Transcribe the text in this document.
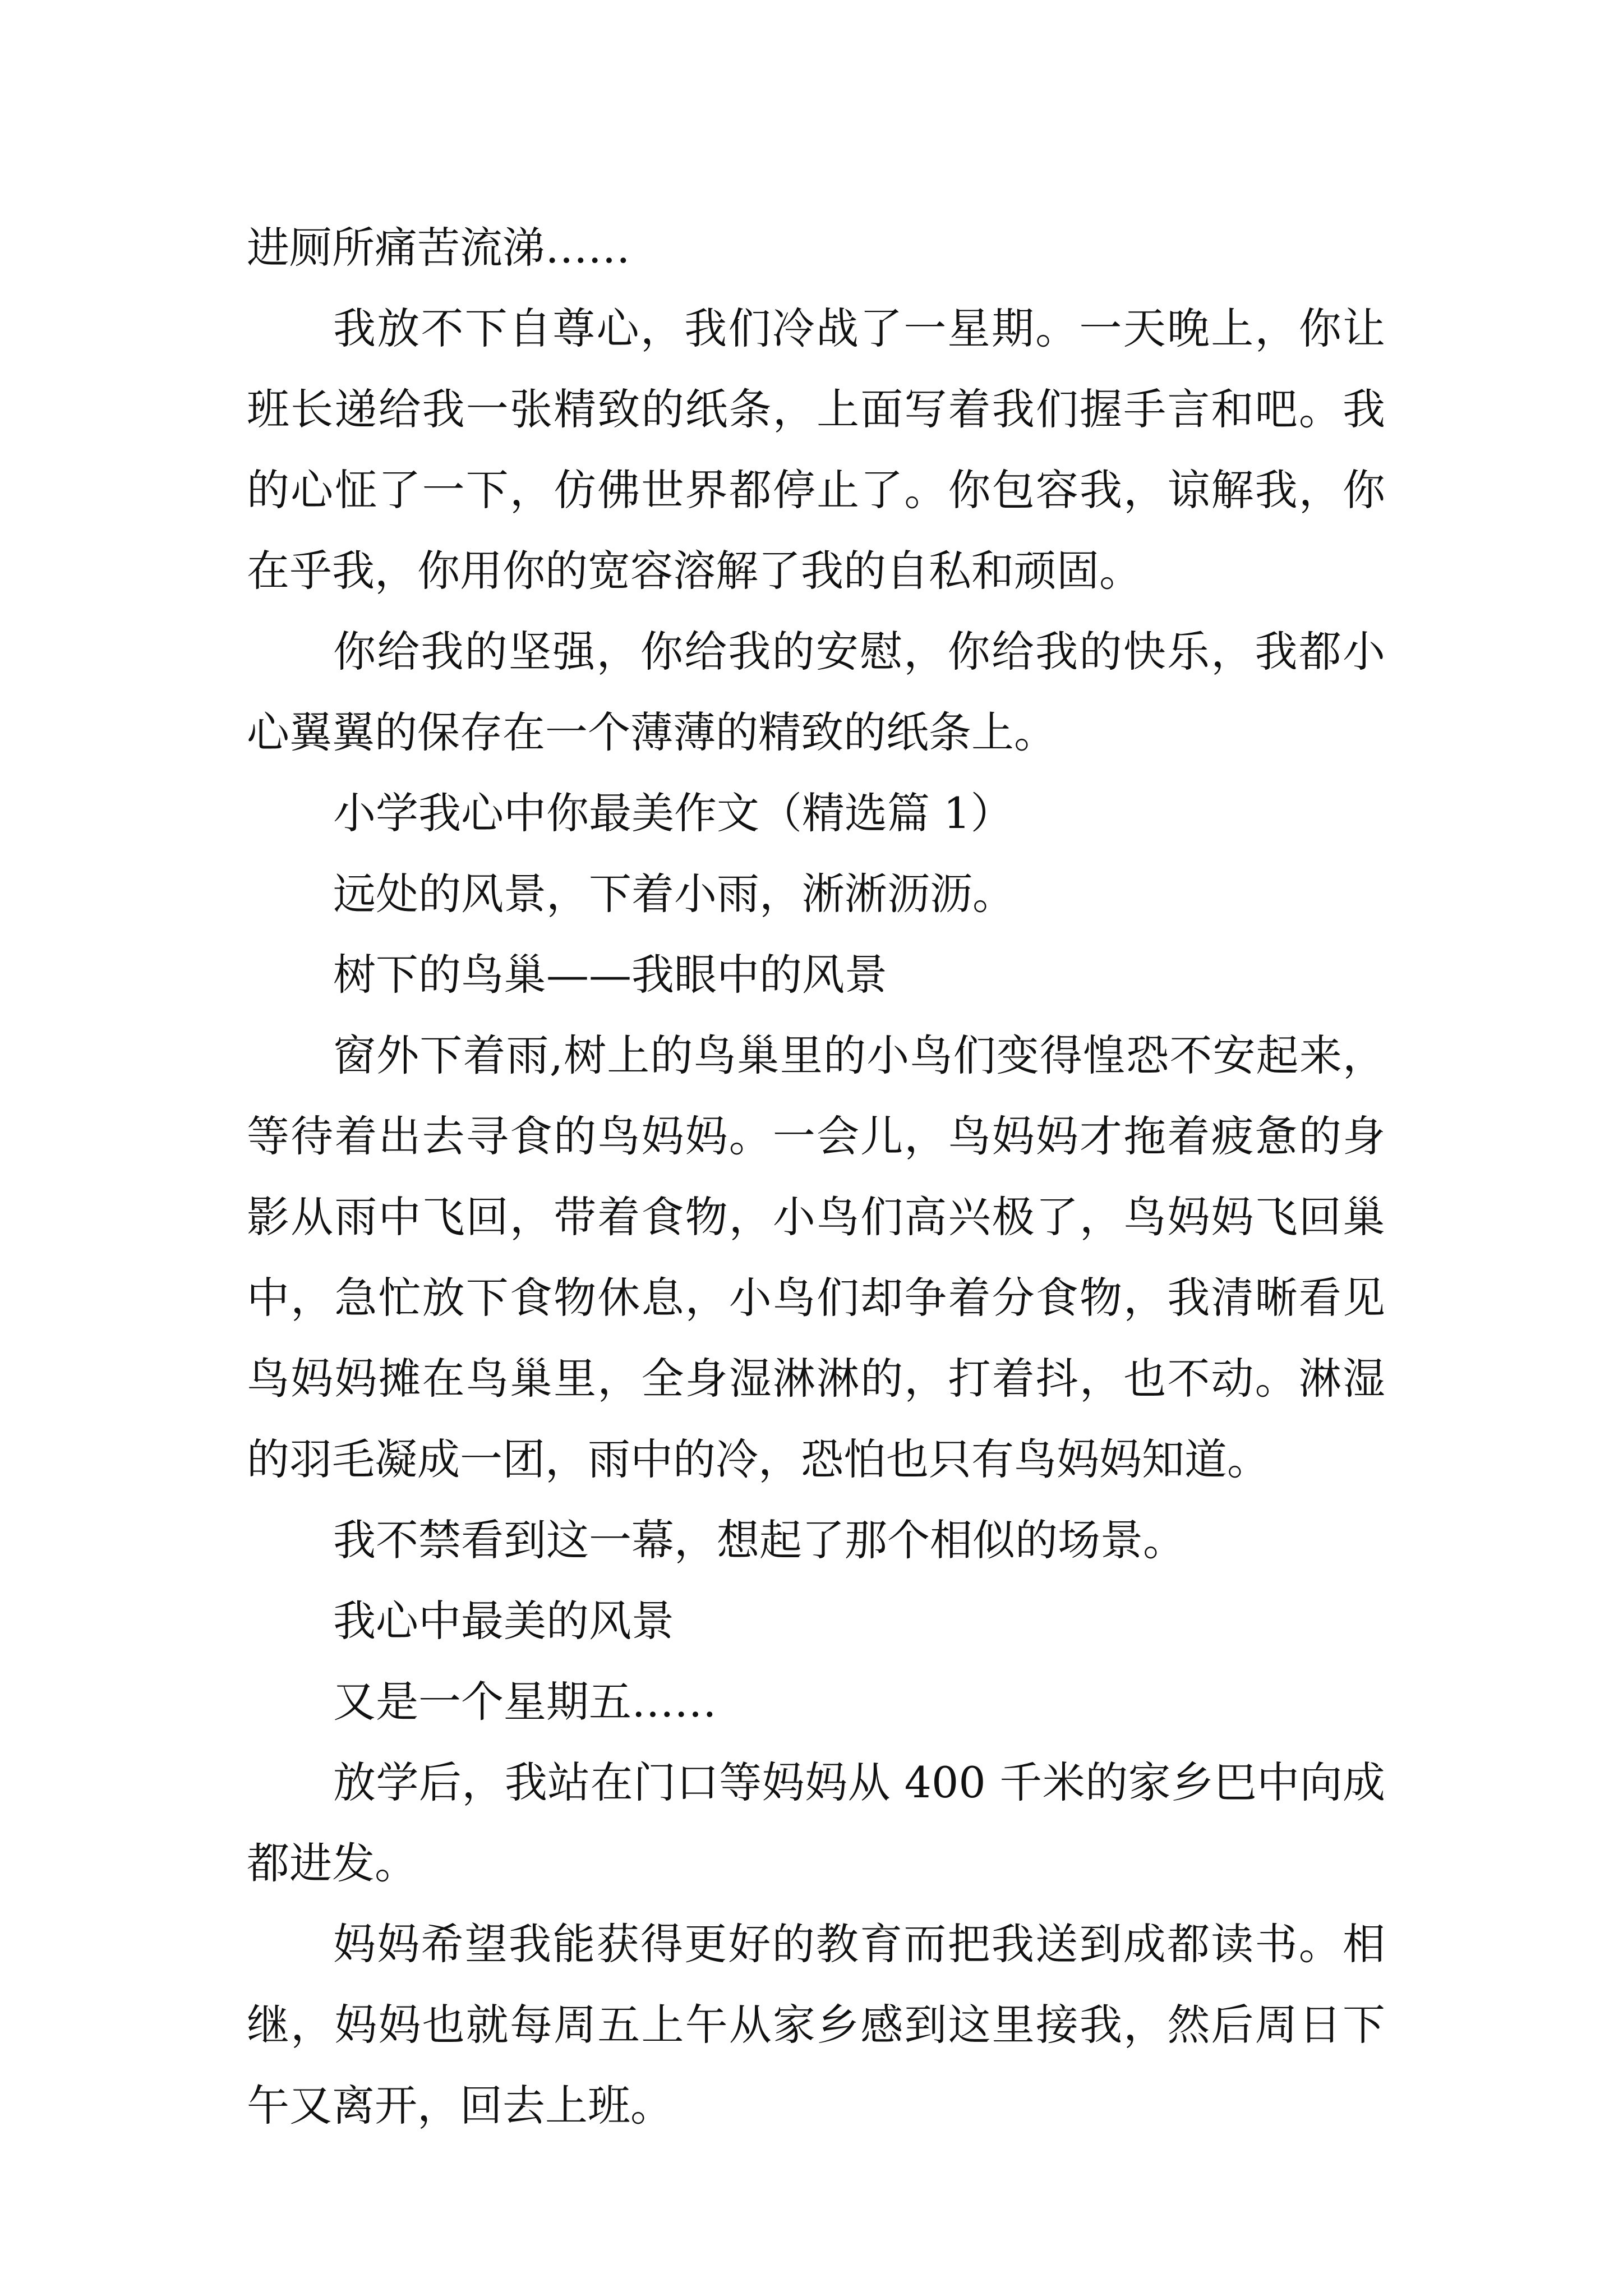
进厕所痛苦流涕……
我放不下自尊心，我们冷战了一星期。一天晚上，你让
班长递给我一张精致的纸条，上面写着我们握手言和吧。我
的心怔了一下，仿佛世界都停止了。你包容我，谅解我，你
在乎我，你用你的宽容溶解了我的自私和顽固。
你给我的坚强，你给我的安慰，你给我的快乐，我都小
心翼翼的保存在一个薄薄的精致的纸条上。
小学我心中你最美作文（精选篇 1）
远处的风景，下着小雨，淅淅沥沥。
树下的鸟巢——我眼中的风景
窗外下着雨,树上的鸟巢里的小鸟们变得惶恐不安起来，
等待着出去寻食的鸟妈妈。一会儿，鸟妈妈才拖着疲惫的身
影从雨中飞回，带着食物，小鸟们高兴极了，鸟妈妈飞回巢
中，急忙放下食物休息，小鸟们却争着分食物，我清晰看见
鸟妈妈摊在鸟巢里，全身湿淋淋的，打着抖，也不动。淋湿
的羽毛凝成一团，雨中的冷，恐怕也只有鸟妈妈知道。
我不禁看到这一幕，想起了那个相似的场景。
我心中最美的风景
又是一个星期五……
放学后，我站在门口等妈妈从 400 千米的家乡巴中向成
都进发。
妈妈希望我能获得更好的教育而把我送到成都读书。相
继，妈妈也就每周五上午从家乡感到这里接我，然后周日下
午又离开，回去上班。
